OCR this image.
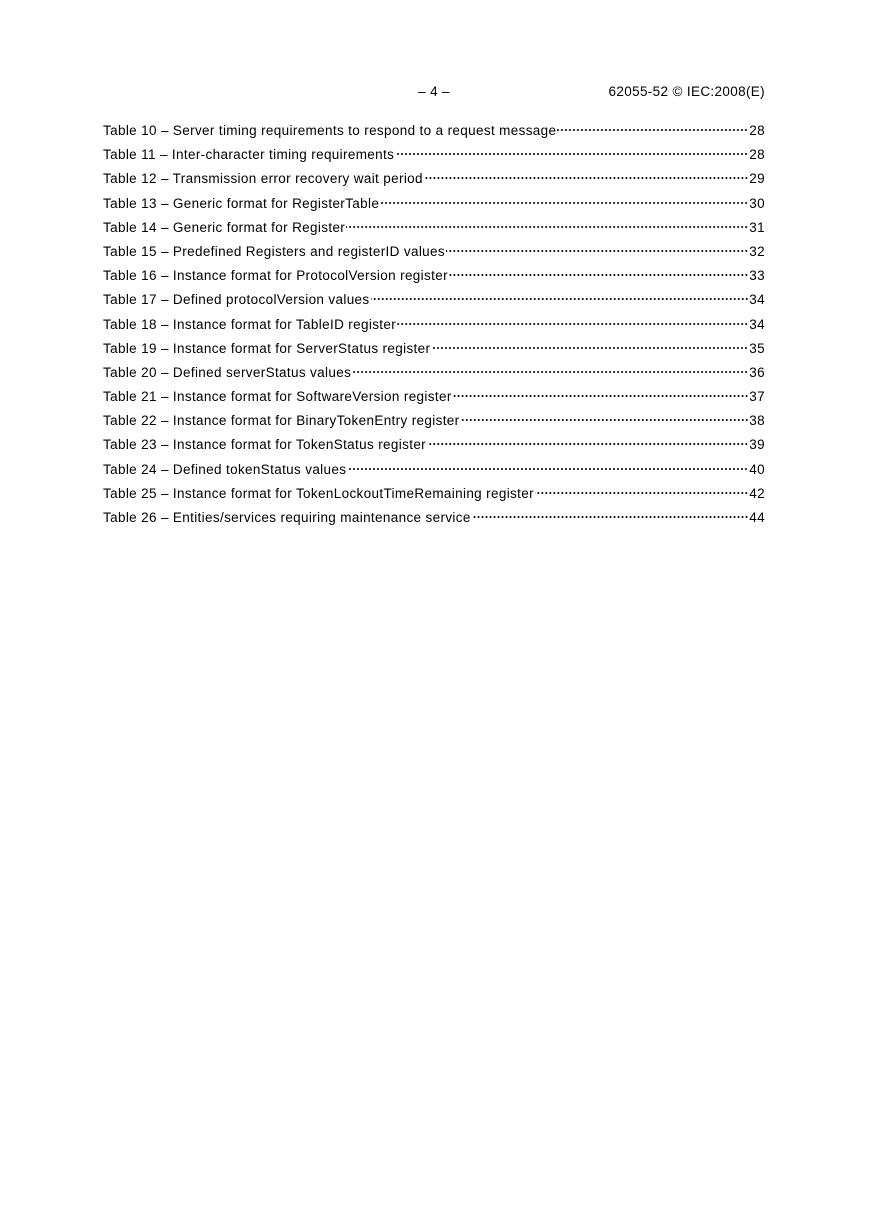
– 4 –	62055-52 © IEC:2008(E)
Table 10 – Server timing requirements to respond to a request message	28
Table 11 – Inter-character timing requirements	28
Table 12 – Transmission error recovery wait period	29
Table 13 – Generic format for RegisterTable	30
Table 14 – Generic format for Register	31
Table 15 – Predefined Registers and registerID values	32
Table 16 – Instance format for ProtocolVersion register	33
Table 17 – Defined protocolVersion values	34
Table 18 – Instance format for TableID register	34
Table 19 – Instance format for ServerStatus register	35
Table 20 – Defined serverStatus values	36
Table 21 – Instance format for SoftwareVersion register	37
Table 22 – Instance format for BinaryTokenEntry register	38
Table 23 – Instance format for TokenStatus register	39
Table 24 – Defined tokenStatus values	40
Table 25 – Instance format for TokenLockoutTimeRemaining register	42
Table 26 – Entities/services requiring maintenance service	44
